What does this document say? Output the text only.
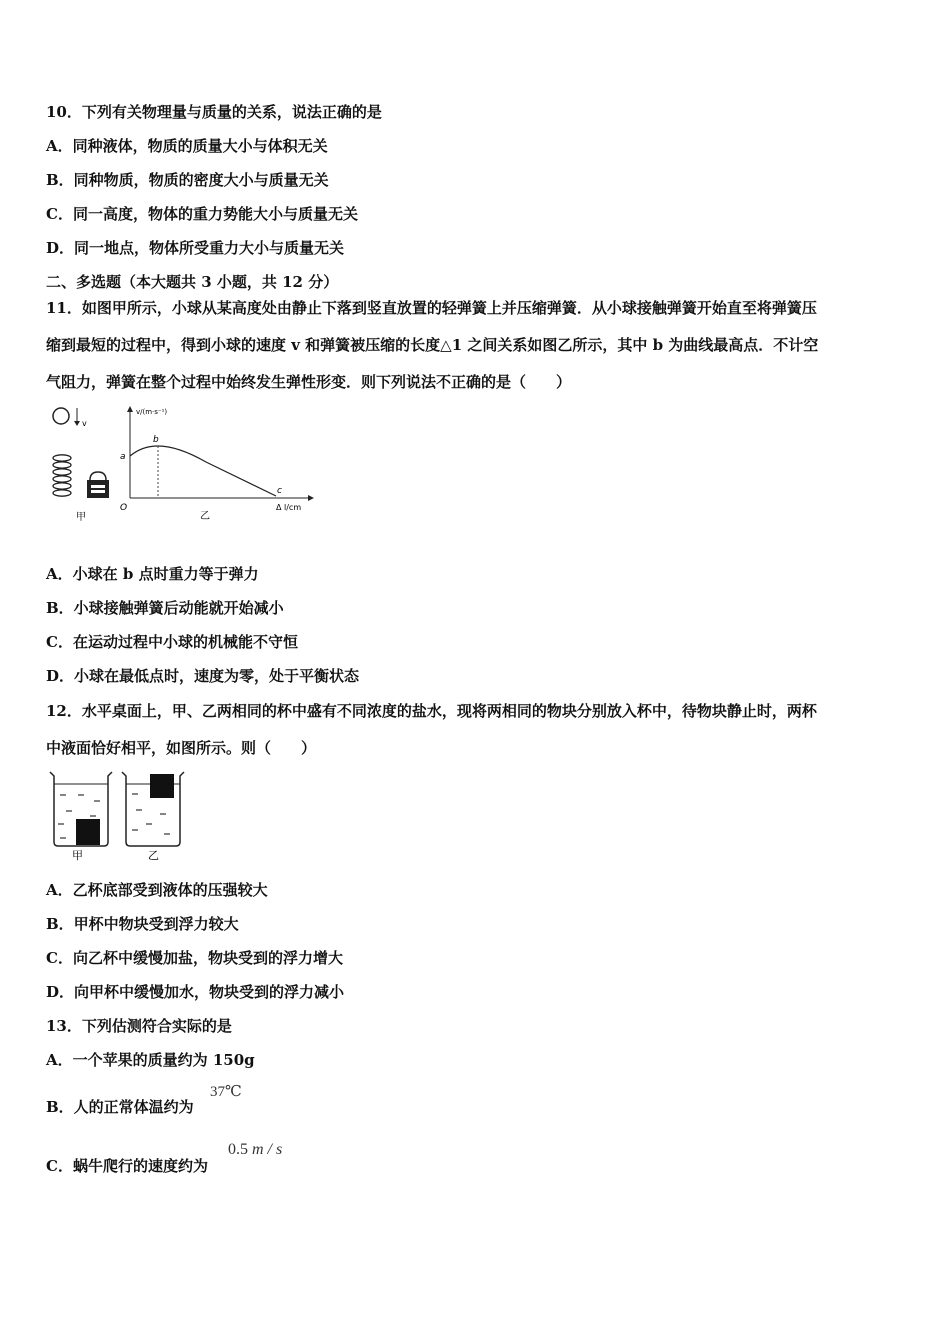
10．下列有关物理量与质量的关系，说法正确的是
A．同种液体，物质的质量大小与体积无关
B．同种物质，物质的密度大小与质量无关
C．同一高度，物体的重力势能大小与质量无关
D．同一地点，物体所受重力大小与质量无关
二、多选题（本大题共 3 小题，共 12 分）
11．如图甲所示，小球从某高度处由静止下落到竖直放置的轻弹簧上并压缩弹簧．从小球接触弹簧开始直至将弹簧压
缩到最短的过程中，得到小球的速度 v 和弹簧被压缩的长度△1 之间关系如图乙所示，其中 b 为曲线最高点．不计空
气阻力，弹簧在整个过程中始终发生弹性形变．则下列说法不正确的是（　　）
v
甲
v/(m·s⁻¹)
Δ l/cm
O
a
b
c
乙
A．小球在 b 点时重力等于弹力
B．小球接触弹簧后动能就开始减小
C．在运动过程中小球的机械能不守恒
D．小球在最低点时，速度为零，处于平衡状态
12．水平桌面上，甲、乙两相同的杯中盛有不同浓度的盐水，现将两相同的物块分别放入杯中，待物块静止时，两杯
中液面恰好相平，如图所示。则（　　）
甲	乙
A．乙杯底部受到液体的压强较大
B．甲杯中物块受到浮力较大
C．向乙杯中缓慢加盐，物块受到的浮力增大
D．向甲杯中缓慢加水，物块受到的浮力减小
13．下列估测符合实际的是
A．一个苹果的质量约为 150g
B．人的正常体温约为
37℃
C．蜗牛爬行的速度约为
0.5 m / s
